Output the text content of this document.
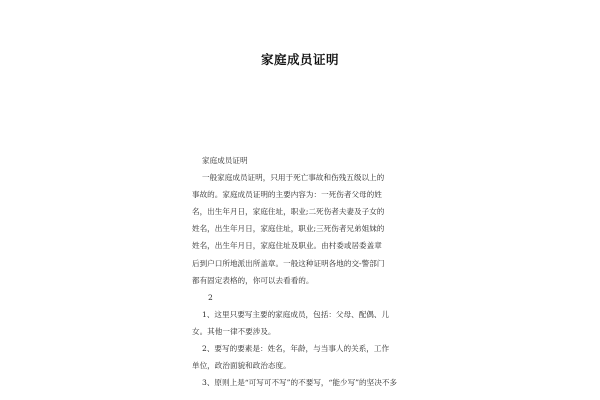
家庭成员证明
家庭成员证明
一般家庭成员证明，只用于死亡事故和伤残五级以上的
事故的。家庭成员证明的主要内容为：一死伤者父母的姓
名，出生年月日，家庭住址，职业;二死伤者夫妻及子女的
姓名，出生年月日，家庭住址，职业;三死伤者兄弟姐妹的
姓名，出生年月日，家庭住址及职业。由村委或居委盖章
后到户口所地派出所盖章。一般这种证明各地的交-警部门
都有固定表格的，你可以去看看的。
2
1、这里只要写主要的家庭成员，包括：父母、配偶、儿
女。其他一律不要涉及。
2、要写的要素是：姓名，年龄，与当事人的关系，工作
单位，政治面貌和政治态度。
3、原则上是“可写可不写”的不要写，“能少写”的坚决不多
